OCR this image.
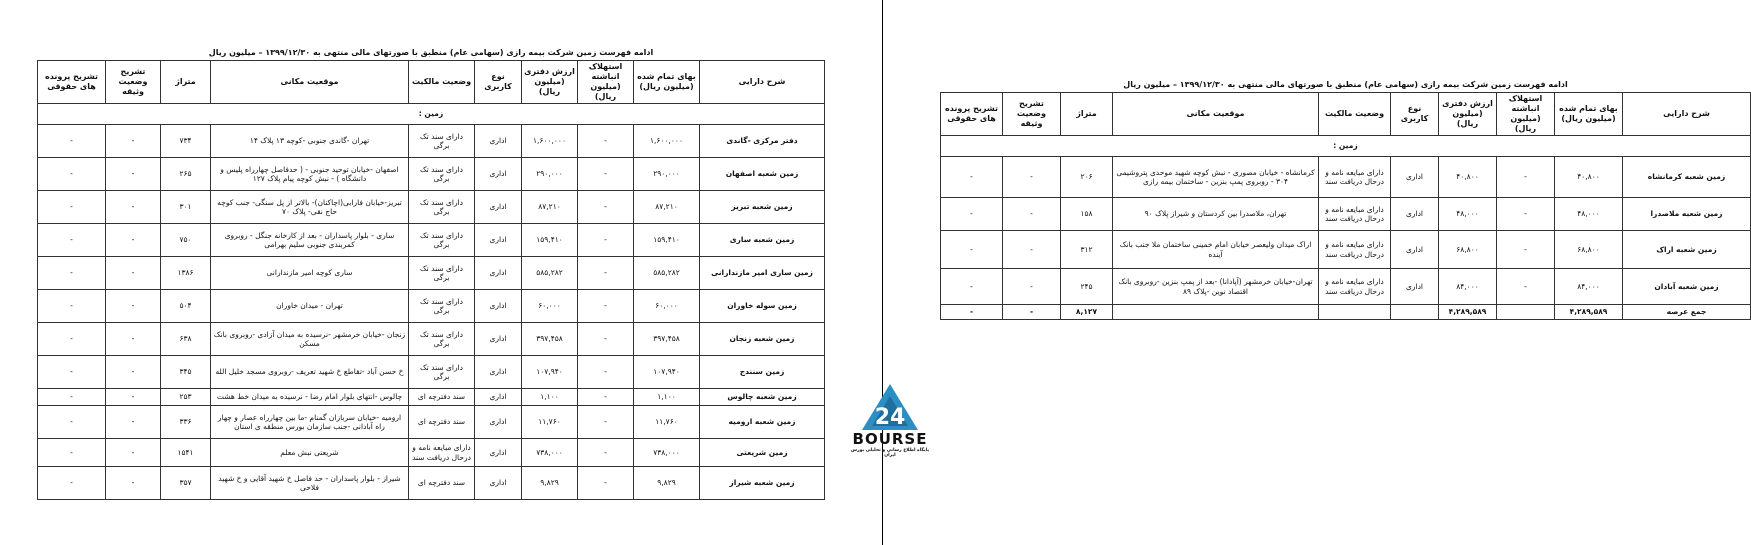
ادامه فهرست زمین شرکت بیمه رازی (سهامی عام) منطبق با صورتهای مالی منتهی به ۱۳۹۹/۱۲/۳۰ – میلیون ریال
شرح دارایی	بهای تمام شده (میلیون ریال)	استهلاک انباشته (میلیون ریال)	ارزش دفتری (میلیون ریال)	نوع کاربری	وضعیت مالکیت	موقعیت مکانی	متراژ	تشریح وضعیت وثیقه	تشریح پرونده های حقوقی
زمین :									
دفتر مرکزی -گاندی	۱,۶۰۰,۰۰۰	-	۱,۶۰۰,۰۰۰	اداری	دارای سند تک برگی	تهران -گاندی جنوبی -کوچه ۱۳ پلاک ۱۴	۷۳۴	-	-
زمین شعبه اصفهان	۲۹۰,۰۰۰	-	۲۹۰,۰۰۰	اداری	دارای سند تک برگی	اصفهان -خیابان توحید جنوبی - ( حدفاصل چهارراه پلیس و دانشگاه ) - نبش کوچه پیام پلاک ۱۲۷	۲۶۵	-	-
زمین شعبه تبریز	۸۷,۲۱۰	-	۸۷,۲۱۰	اداری	دارای سند تک برگی	تبریز-خیابان فارابی(اچاکنان)- بالاتر از پل سنگی- جنب کوچه حاج نقی- پلاک ۷۰	۳۰۱	-	-
زمین شعبه ساری	۱۵۹,۴۱۰	-	۱۵۹,۴۱۰	اداری	دارای سند تک برگی	ساری - بلوار پاسداران - بعد از کارخانه جنگل - روبروی کمربندی جنوبی سلیم بهرامی	۷۵۰	-	-
زمین ساری امیر مازندارانی	۵۸۵,۲۸۲	-	۵۸۵,۲۸۲	اداری	دارای سند تک برگی	ساری کوچه امیر مازندارانی	۱۳۸۶	-	-
زمین سوله خاوران	۶۰,۰۰۰	-	۶۰,۰۰۰	اداری	دارای سند تک برگی	تهران - میدان خاوران	۵۰۴	-	-
زمین شعبه زنجان	۳۹۷,۴۵۸	-	۳۹۷,۴۵۸	اداری	دارای سند تک برگی	زنجان -خیابان خرمشهر -نرسیده به میدان آزادی -روبروی بانک مسکن	۶۳۸	-	-
زمین سنندج	۱۰۷,۹۴۰	-	۱۰۷,۹۴۰	اداری	دارای سند تک برگی	خ حسن آباد -تقاطع خ شهید تعریف -روبروی مسجد خلیل الله	۳۴۵	-	-
زمین شعبه چالوس	۱,۱۰۰	-	۱,۱۰۰	اداری	سند دفترچه ای	چالوس -انتهای بلوار امام رضا - نرسیده به میدان خط هشت	۲۵۳	-	-
زمین شعبه ارومیه	۱۱,۷۶۰	-	۱۱,۷۶۰	اداری	سند دفترچه ای	ارومیه -خیابان سربازان گمنام -ما بین چهارراه عصار و چهار راه آبادانی -جنب سازمان بورس منطقه ی استان	۳۳۶	-	-
زمین شریعتی	۷۳۸,۰۰۰	-	۷۳۸,۰۰۰	اداری	دارای مبایعه نامه و درحال دریافت سند	شریعتی نبش معلم	۱۵۴۱	-	-
زمین شعبه شیراز	۹,۸۲۹	-	۹,۸۲۹	اداری	سند دفترچه ای	شیراز - بلوار پاسداران - حد فاصل خ شهید آقایی و خ شهید فلاحی	۳۵۷	-	-
24
BOURSE
پایگاه اطلاع رسانی و تحلیلی بورس ایران
ادامه فهرست زمین شرکت بیمه رازی (سهامی عام) منطبق با صورتهای مالی منتهی به ۱۳۹۹/۱۲/۳۰ – میلیون ریال
شرح دارایی	بهای تمام شده (میلیون ریال)	استهلاک انباشته (میلیون ریال)	ارزش دفتری (میلیون ریال)	نوع کاربری	وضعیت مالکیت	موقعیت مکانی	متراژ	تشریح وضعیت وثیقه	تشریح پرونده های حقوقی
زمین :									
زمین شعبه کرمانشاه	۴۰,۸۰۰	-	۴۰,۸۰۰	اداری	دارای مبایعه نامه و درحال دریافت سند	کرمانشاه - خیابان مصوری - نبش کوچه شهید موحدی پتروشیمی ۳۰۴ - روبروی پمپ بنزین - ساختمان بیمه رازی	۲۰۶	-	-
زمین شعبه ملاصدرا	۴۸,۰۰۰	-	۴۸,۰۰۰	اداری	دارای مبایعه نامه و درحال دریافت سند	تهران، ملاصدرا بین کردستان و شیراز پلاک ۹۰	۱۵۸	-	-
زمین شعبه اراک	۶۸,۸۰۰	-	۶۸,۸۰۰	اداری	دارای مبایعه نامه و درحال دریافت سند	اراک میدان ولیعصر خیابان امام خمینی ساختمان ملا جنب بانک آینده	۳۱۲	-	-
زمین شعبه آبادان	۸۴,۰۰۰	-	۸۴,۰۰۰	اداری	دارای مبایعه نامه و درحال دریافت سند	تهران-خیابان خرمشهر (آپادانا) -بعد از پمپ بنزین -روبروی بانک اقتصاد نوین -پلاک ۸۹	۲۴۵	-	-
جمع عرصه	۴,۲۸۹,۵۸۹		۴,۲۸۹,۵۸۹				۸,۱۲۷	-	-
